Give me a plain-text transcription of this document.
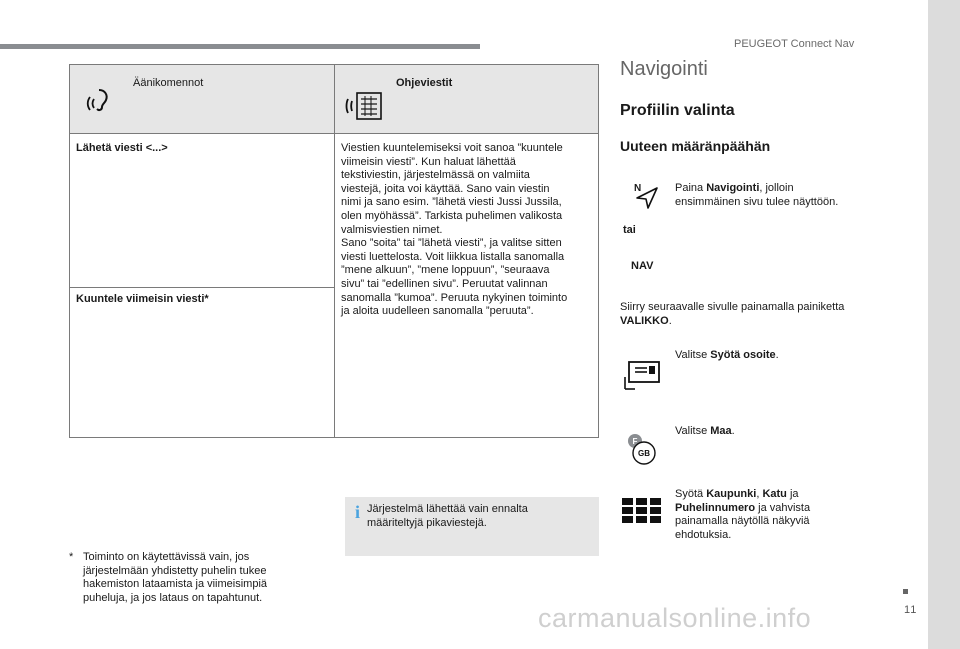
PEUGEOT Connect Nav
Äänikomennot	Ohjeviestit
Lähetä viesti <...>
Kuuntele viimeisin viesti*
Viestien kuuntelemiseksi voit sanoa ”kuuntele
viimeisin viesti”. Kun haluat lähettää
tekstiviestin, järjestelmässä on valmiita
viestejä, joita voi käyttää. Sano vain viestin
nimi ja sano esim. ”lähetä viesti Jussi Jussila,
olen myöhässä”. Tarkista puhelimen valikosta
valmisviestien nimet.
Sano ”soita” tai ”lähetä viesti”, ja valitse sitten
viesti luettelosta. Voit liikkua listalla sanomalla
”mene alkuun”, ”mene loppuun”, ”seuraava
sivu” tai ”edellinen sivu”. Peruutat valinnan
sanomalla ”kumoa”. Peruuta nykyinen toiminto
ja aloita uudelleen sanomalla ”peruuta”.
* Toiminto on käytettävissä vain, jos
järjestelmään yhdistetty puhelin tukee
hakemiston lataamista ja viimeisimpiä
puheluja, ja jos lataus on tapahtunut.
i Järjestelmä lähettää vain ennalta
määriteltyjä pikaviestejä.
Navigointi
Profiilin valinta
Uuteen määränpäähän
N	Paina Navigointi, jolloin
ensimmäinen sivu tulee näyttöön.
tai
NAV
Siirry seuraavalle sivulle painamalla painiketta
VALIKKO.
Valitse Syötä osoite.
F
GB
Valitse Maa.
Syötä Kaupunki, Katu ja
Puhelinnumero ja vahvista
painamalla näytöllä näkyviä
ehdotuksia.
11
carmanualsonline.info
